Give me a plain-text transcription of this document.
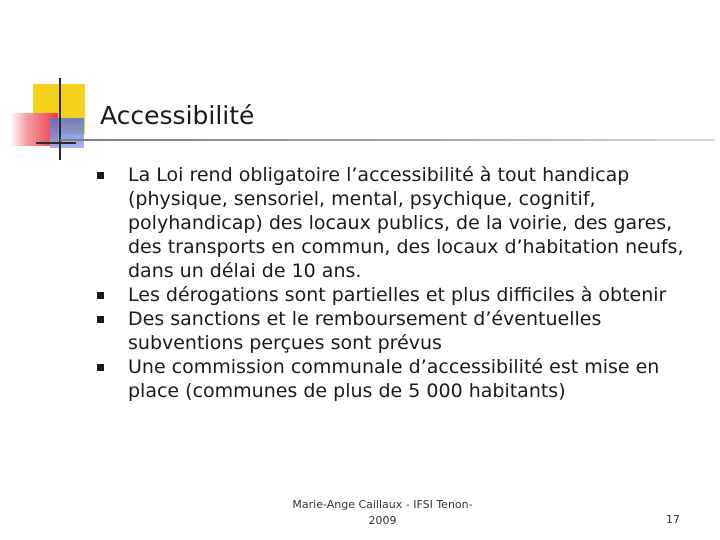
Accessibilité
La Loi rend obligatoire l’accessibilité à tout handicap (physique, sensoriel, mental, psychique, cognitif, polyhandicap) des locaux publics, de la voirie, des gares, des transports en commun, des locaux d’habitation neufs, dans un délai de 10 ans.
Les dérogations sont partielles et plus difficiles à obtenir
Des sanctions et le remboursement d’éventuelles subventions perçues sont prévus
Une commission communale d’accessibilité est mise en place (communes de plus de 5 000 habitants)
Marie-Ange Caillaux - IFSI Tenon-
2009	17
